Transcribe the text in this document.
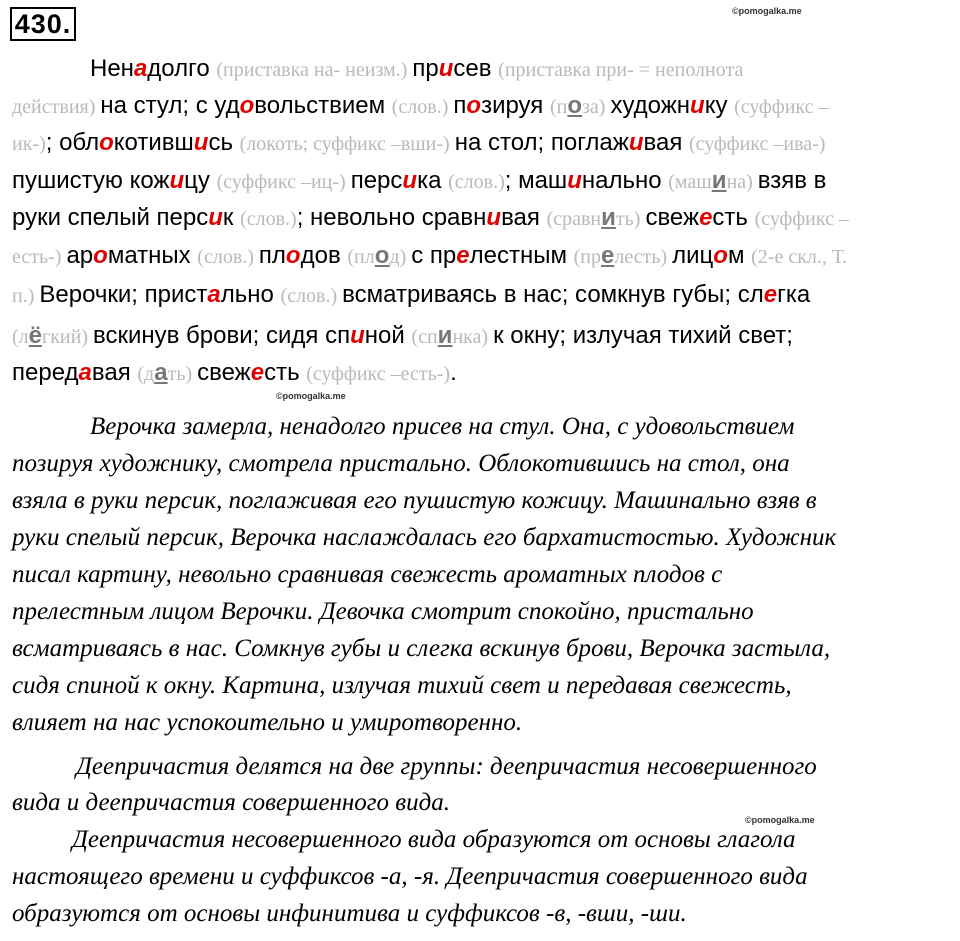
430.	©pomogalka.me
©pomogalka.me
©pomogalka.me
Ненадолго (приставка на- неизм.) присев (приставка при- = неполнота
действия) на стул; с удовольствием (слов.) позируя (поза) художнику (суффикс –
ик-); облокотившись (локоть; суффикс –вши-) на стол; поглаживая (суффикс –ива-)
пушистую кожицу (суффикс –иц-) персика (слов.); машинально (машина) взяв в
руки спелый персик (слов.); невольно сравнивая (сравнить) свежесть (суффикс –
есть-) ароматных (слов.) плодов (плод) с прелестным (прелесть) лицом (2-е скл., Т.
п.) Верочки; пристально (слов.) всматриваясь в нас; сомкнув губы; слегка
(лёгкий) вскинув брови; сидя спиной (спинка) к окну; излучая тихий свет;
передавая (дать) свежесть (суффикс –есть-).
Верочка замерла, ненадолго присев на стул. Она, с удовольствием
позируя художнику, смотрела пристально. Облокотившись на стол, она
взяла в руки персик, поглаживая его пушистую кожицу. Машинально взяв в
руки спелый персик, Верочка наслаждалась его бархатистостью. Художник
писал картину, невольно сравнивая свежесть ароматных плодов с
прелестным лицом Верочки. Девочка смотрит спокойно, пристально
всматриваясь в нас. Сомкнув губы и слегка вскинув брови, Верочка застыла,
сидя спиной к окну. Картина, излучая тихий свет и передавая свежесть,
влияет на нас успокоительно и умиротворенно.
Деепричастия делятся на две группы: деепричастия несовершенного
вида и деепричастия совершенного вида.
Деепричастия несовершенного вида образуются от основы глагола
настоящего времени и суффиксов -а, -я. Деепричастия совершенного вида
образуются от основы инфинитива и суффиксов -в, -вши, -ши.
